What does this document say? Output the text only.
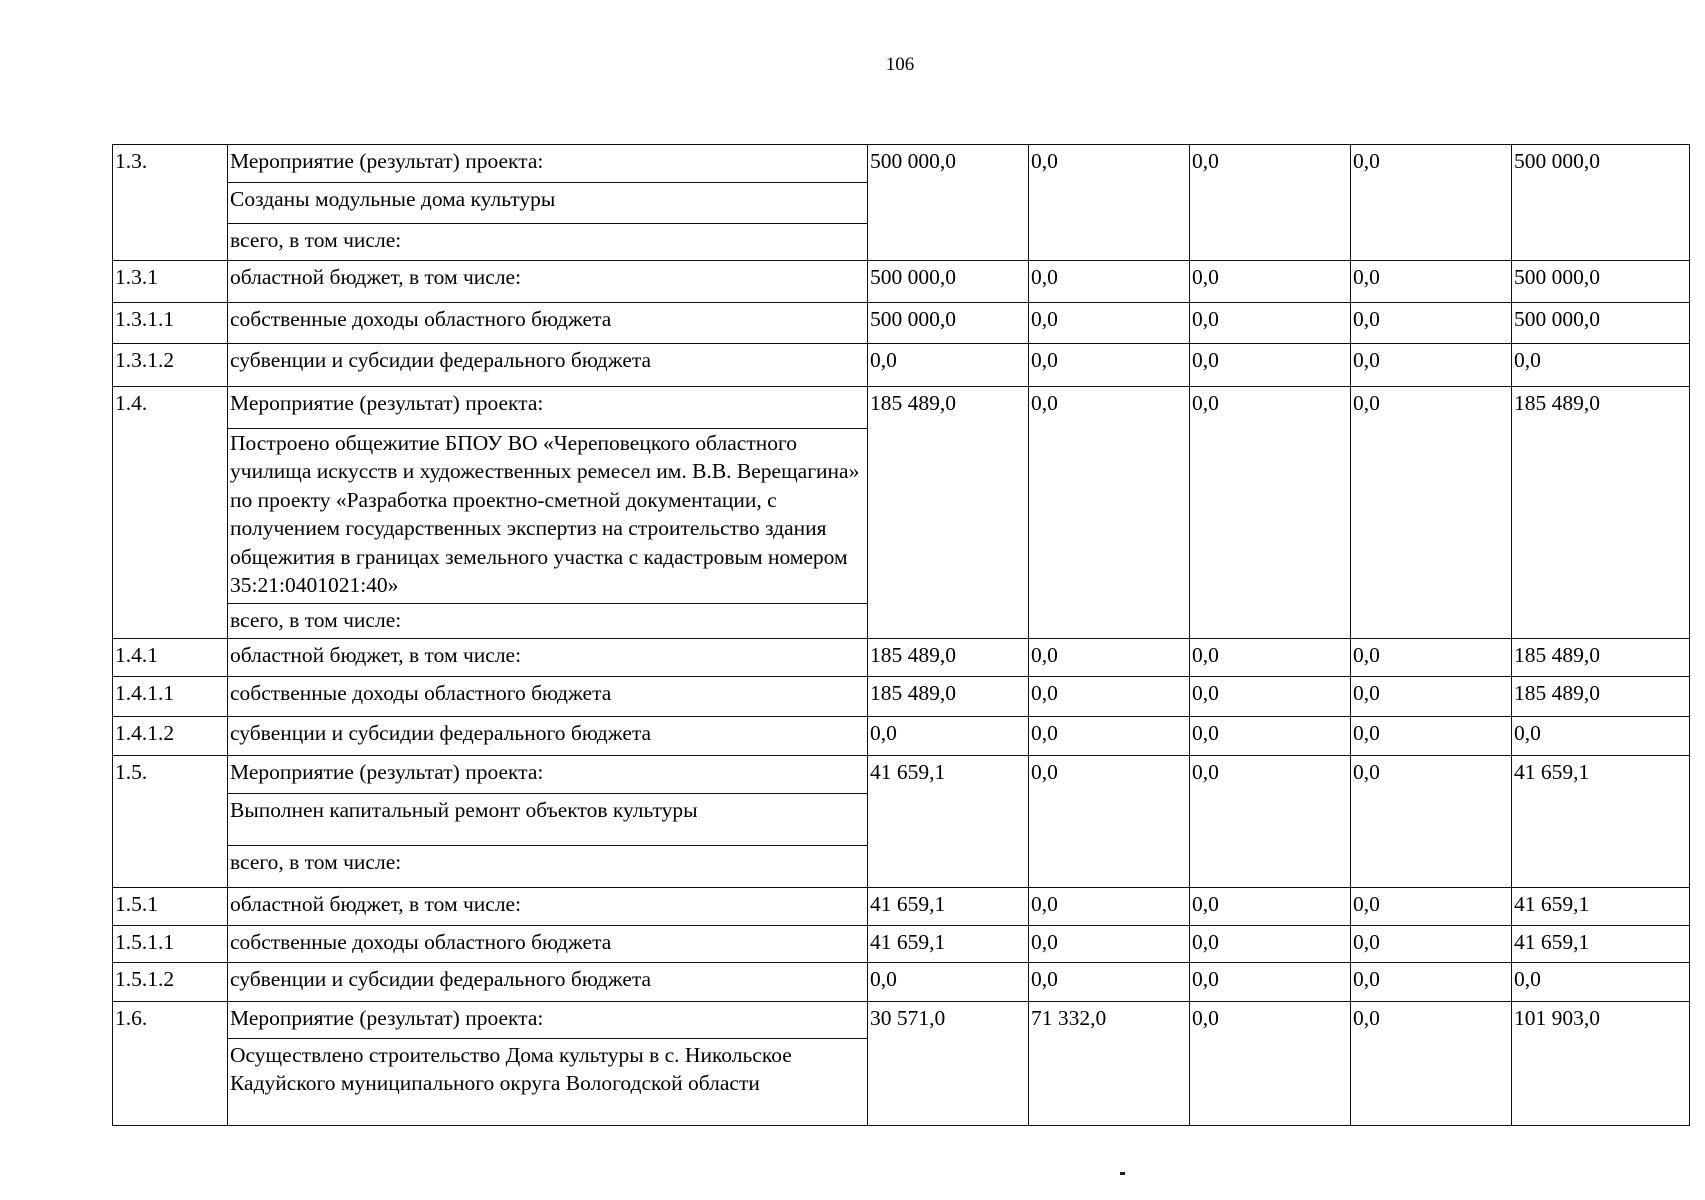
106
1.3.	Мероприятие (результат) проекта:	500 000,0	0,0	0,0	0,0	500 000,0
	Созданы модульные дома культуры					
	всего, в том числе:					
1.3.1	областной бюджет, в том числе:	500 000,0	0,0	0,0	0,0	500 000,0
1.3.1.1	собственные доходы областного бюджета	500 000,0	0,0	0,0	0,0	500 000,0
1.3.1.2	субвенции и субсидии федерального бюджета	0,0	0,0	0,0	0,0	0,0
1.4.	Мероприятие (результат) проекта:	185 489,0	0,0	0,0	0,0	185 489,0
	Построено общежитие БПОУ ВО «Череповецкого областного училища искусств и художественных ремесел им. В.В. Верещагина» по проекту «Разработка проектно-сметной документации, с получением государственных экспертиз на строительство здания общежития в границах земельного участка с кадастровым номером 35:21:0401021:40»					
	всего, в том числе:					
1.4.1	областной бюджет, в том числе:	185 489,0	0,0	0,0	0,0	185 489,0
1.4.1.1	собственные доходы областного бюджета	185 489,0	0,0	0,0	0,0	185 489,0
1.4.1.2	субвенции и субсидии федерального бюджета	0,0	0,0	0,0	0,0	0,0
1.5.	Мероприятие (результат) проекта:	41 659,1	0,0	0,0	0,0	41 659,1
	Выполнен капитальный ремонт объектов культуры					
	всего, в том числе:					
1.5.1	областной бюджет, в том числе:	41 659,1	0,0	0,0	0,0	41 659,1
1.5.1.1	собственные доходы областного бюджета	41 659,1	0,0	0,0	0,0	41 659,1
1.5.1.2	субвенции и субсидии федерального бюджета	0,0	0,0	0,0	0,0	0,0
1.6.	Мероприятие (результат) проекта:	30 571,0	71 332,0	0,0	0,0	101 903,0
	Осуществлено строительство Дома культуры в с. Никольское Кадуйского муниципального округа Вологодской области					
